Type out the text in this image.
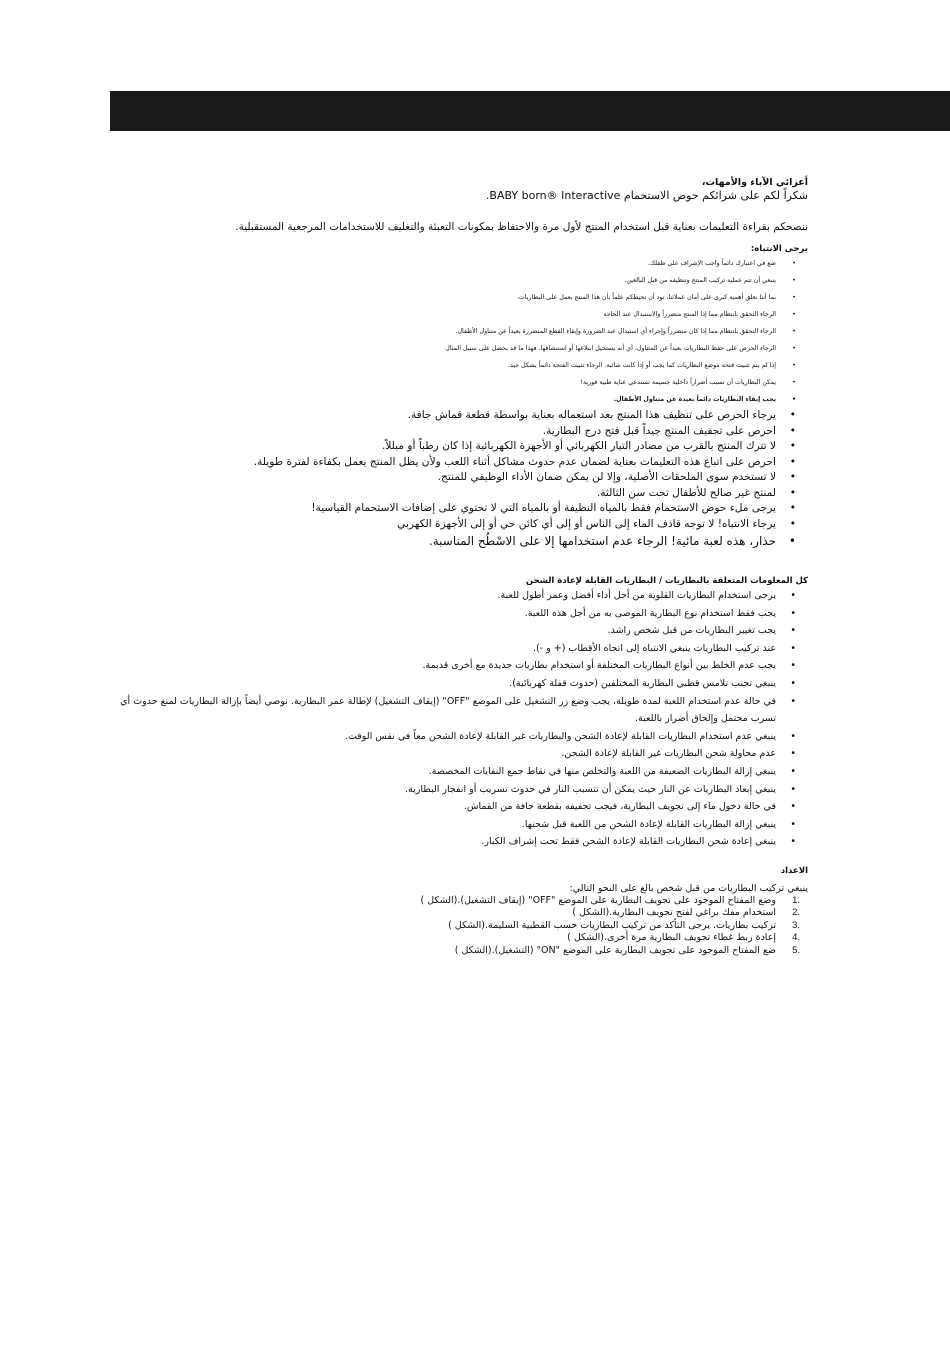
أعزائي الآباء والأمهات،
شكراً لكم على شرائكم حوض الاستحمام BABY born® Interactive.
ننصحكم بقراءة التعليمات بعناية قبل استخدام المنتج لأول مرة والاحتفاظ بمكونات التعبئة والتغليف للاستخدامات المرجعية المستقبلية.
يرجى الانتباه:
• ضع في اعتبارك دائماً واجب الإشراف على طفلك.
• ينبغي أن تتم عملية تركيب المنتج وتنظيفه من قبل البالغين.
• بما أننا نعلق أهمية كبرى على أمان عملائنا، نود أن نحيطكم علماً بأن هذا المنتج يعمل على البطاريات.
• الرجاء التحقق بانتظام مما إذا المنتج متضرراً والاستبدال عند الحاجة
• الرجاء التحقق بانتظام مما إذا كان متضرراً وإجراء أي استبدال عند الضرورة وإبقاء القطع المتضررة بعيداً عن متناول الأطفال.
• الرجاء الحرص على حفظ البطاريات بعيداً عن المتناول، أي أنه يستحيل ابتلاعها أو استنشاقها. فهذا ما قد يحصل على سبيل المثال
• إذا لم يتم تثبيت فتحة موضع البطاريات كما يجب أو إذا كانت شائبة. الرجاء تثبيت الفتحة دائماً بشكل جيد.
• يمكن البطاريات أن تسبب أضراراً داخلية جسيمة تستدعي عناية طبية فورية!
• يجب إبقاء البطاريات دائماً بعيدة عن متناول الأطفال.
• يرجاء الحرص على تنظيف هذا المنتج بعد استعماله بعناية بواسطة قطعة قماش جافة.
• احرص على تجفيف المنتج جيداً قبل فتح درج البطارية.
• لا تترك المنتج بالقرب من مصادر التيار الكهربائي أو الأجهزة الكهربائية إذا كان رطباً أو مبللاً.
• احرص على اتباع هذه التعليمات بعناية لضمان عدم حدوث مشاكل أثناء اللعب ولأن يظل المنتج يعمل بكفاءة لفترة طويلة.
• لا تستخدم سوى الملحقات الأصلية، وإلا لن يمكن ضمان الأداء الوظيفي للمنتج.
• لمنتج غير صالح للأطفال تحت سن الثالثة.
• يرجى ملء حوض الاستحمام فقط بالمياه النظيفة أو بالمياه التي لا تحتوي على إضافات الاستحمام القياسية!
• يرجاء الانتباه! لا توجه قاذف الماء إلى الناس أو إلى أي كائن حي أو إلى الأجهزة الكهربي
• حذار، هذه لعبة مائية! الرجاء عدم استخدامها إلا على الاسْطُح المناسبة.
كل المعلومات المتعلقة بالبطاريات / البطاريات القابلة لإعادة الشحن
• يرجى استخدام البطاريات القلوية من أجل أداء أفضل وعمر أطول للعبة.
• يجب فقط استخدام نوع البطارية الموصى به من أجل هذه اللعبة.
• يجب تغيير البطاريات من قبل شخص راشد.
• عند تركيب البطاريات ينبغي الانتباه إلى اتجاه الأقطاب (+ و -).
• يجب عدم الخلط بين أنواع البطاريات المختلفة أو استخدام بطاريات جديدة مع أخرى قديمة.
• ينبغي تجنب تلامس قطبي البطارية المختلفين (حدوث قفلة كهربائية).
• في حالة عدم استخدام اللعبة لمدة طويلة، يجب وضع زر التشغيل على الموضع "OFF" (إيقاف التشغيل) لإطالة عمر البطارية. نوصي أيضاً بإزالة البطاريات لمنع حدوث أي تسرب محتمل وإلحاق أضرار باللعبة.
• ينبغي عدم استخدام البطاريات القابلة لإعادة الشحن والبطاريات غير القابلة لإعادة الشحن معاً في نفس الوقت.
• عدم محاولة شحن البطاريات غير القابلة لإعادة الشحن.
• ينبغي إزالة البطاريات الضعيفة من اللعبة والتخلص منها في نقاط جمع النفايات المخصصة.
• ينبغي إبعاد البطاريات عن النار حيث يمكن أن تتسبب النار في حدوث تسريب أو انفجار البطارية.
• في حالة دخول ماء إلى تجويف البطارية، فيجب تجفيفه بقطعة جافة من القماش.
• ينبغي إزالة البطاريات القابلة لإعادة الشحن من اللعبة قبل شحنها.
• ينبغي إعادة شحن البطاريات القابلة لإعادة الشحن فقط تحت إشراف الكبار.
الاعداد
ينبغي تركيب البطاريات من قبل شخص بالغ على النحو التالي:
1.
وضع المفتاح الموجود على تجويف البطارية على الموضع "OFF" (إيقاف التشغيل).(الشكل )
2.
استخدام مفك براغي لفتح تجويف البطارية.(الشكل )
3.
تركيب بطاريات. يرجى التأكد من تركيب البطاريات حسب القطبية السليمة.(الشكل )
4.
إعادة ربط غطاء تجويف البطارية مرة أخرى.(الشكل )
5.
ضع المفتاح الموجود على تجويف البطارية على الموضع "ON" (التشغيل).(الشكل )
